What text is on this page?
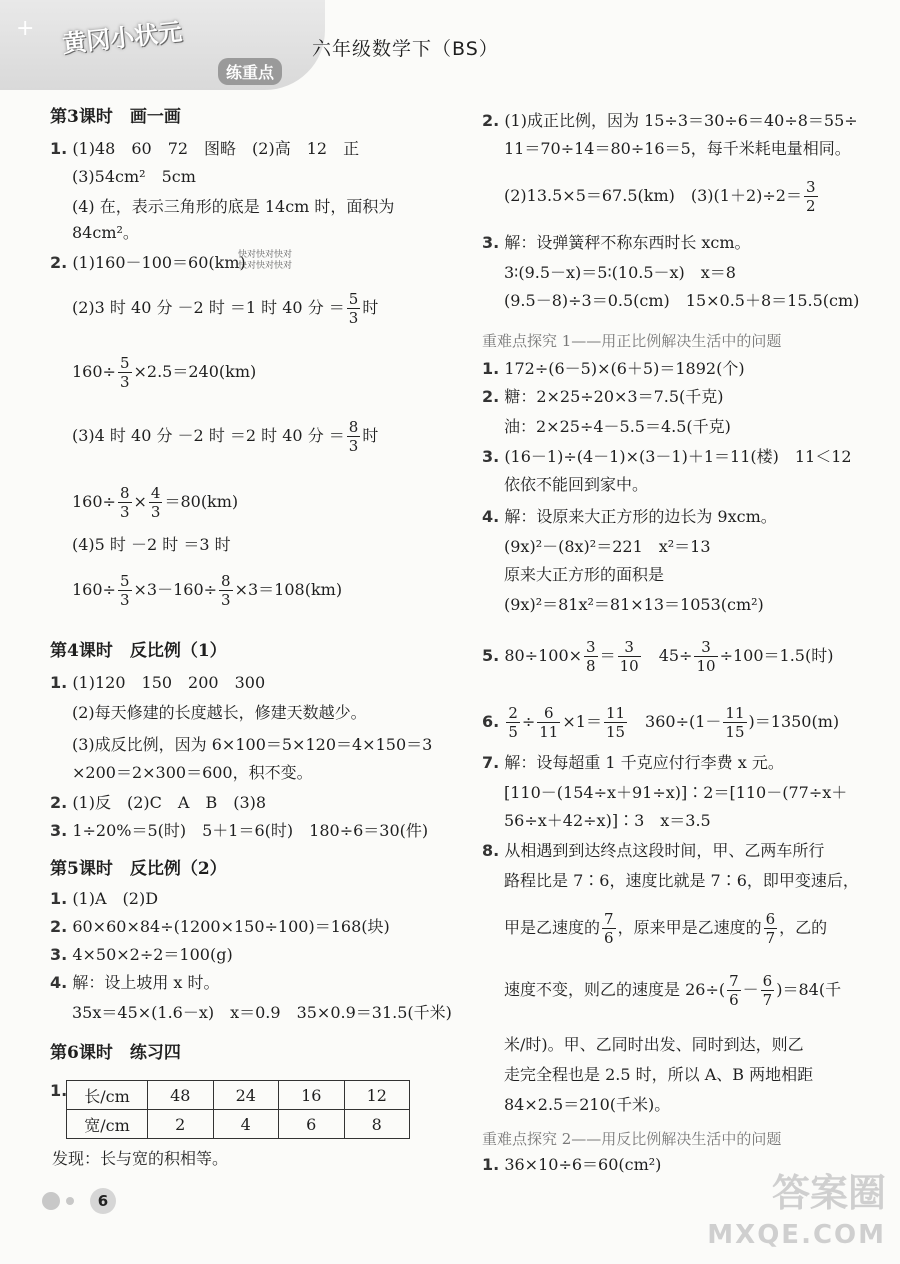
+ 黄冈小状元
练重点
六年级数学下（BS）
快对快对快对
快对快对快对
第3课时　画一画
1. (1)48　60　72　图略　(2)高　12　正
(3)54cm²　5cm
(4) 在，表示三角形的底是 14cm 时，面积为
84cm²。
2. (1)160－100＝60(km)
(2)3 时 40 分 －2 时 ＝1 时 40 分 ＝ $\frac{5}{3}$ 时
$160\div \frac{5}{3} \times 2.5=240(km)$
(3)4 时 40 分 －2 时 ＝2 时 40 分 ＝ $\frac{8}{3}$ 时
$160\div \frac{8}{3} \times \frac{4}{3} =80(km)$
(4)5 时 －2 时 ＝3 时
$160\div \frac{5}{3} \times 3-160\div \frac{8}{3} \times 3=108(km)$
第4课时　反比例（1）
1. (1)120　150　200　300
(2)每天修建的长度越长，修建天数越少。
(3)成反比例，因为 6×100＝5×120＝4×150＝3
×200＝2×300＝600，积不变。
2. (1)反　(2)C　A　B　(3)8
3. 1÷20%＝5(时)　5＋1＝6(时)　180÷6＝30(件)
第5课时　反比例（2）
1. (1)A　(2)D
2. 60×60×84÷(1200×150÷100)＝168(块)
3. 4×50×2÷2＝100(g)
4. 解：设上坡用 x 时。
35x＝45×(1.6－x)　x＝0.9　35×0.9＝31.5(千米)
第6课时　练习四
1. 长/cm	48	24	16	12
宽/cm	2	4	6	8
发现：长与宽的积相等。
2. (1)成正比例，因为 15÷3＝30÷6＝40÷8＝55÷
11＝70÷14＝80÷16＝5，每千米耗电量相同。
(2)13.5×5＝67.5(km)　$(3)(1+2)\div 2= \frac{3}{2}$
3. 解：设弹簧秤不称东西时长 xcm。
3∶(9.5－x)＝5∶(10.5－x)　x＝8
(9.5－8)÷3＝0.5(cm)　15×0.5＋8＝15.5(cm)
重难点探究 1——用正比例解决生活中的问题
1. 172÷(6－5)×(6＋5)＝1892(个)
2. 糖：2×25÷20×3＝7.5(千克)
油：2×25÷4－5.5＝4.5(千克)
3. (16－1)÷(4－1)×(3－1)＋1＝11(楼)　11＜12
依依不能回到家中。
4. 解：设原来大正方形的边长为 9xcm。
(9x)²－(8x)²＝221　x²＝13
原来大正方形的面积是
(9x)²＝81x²＝81×13＝1053(cm²)
5. $80\div 100\times \frac{3}{8} = \frac{3}{10}$ 　$45\div \frac{3}{10} \div 100=1.5$(时)
6. $\frac{2}{5} \div \frac{6}{11} \times 1= \frac{11}{15}$ 　$360\div(1- \frac{11}{15} )=1350(m)$
7. 解：设每超重 1 千克应付行李费 x 元。
[110－(154÷x＋91÷x)]∶2＝[110－(77÷x＋
56÷x＋42÷x)]∶3　x＝3.5
8. 从相遇到到达终点这段时间，甲、乙两车所行
路程比是 7∶6，速度比就是 7∶6，即甲变速后，
甲是乙速度的 $\frac{7}{6}$ ，原来甲是乙速度的 $\frac{6}{7}$ ，乙的
速度不变，则乙的速度是 $26\div( \frac{7}{6} - \frac{6}{7} )=84$(千
米/时)。甲、乙同时出发、同时到达，则乙
走完全程也是 2.5 时，所以 A、B 两地相距
84×2.5＝210(千米)。
重难点探究 2——用反比例解决生活中的问题
1. 36×10÷6＝60(cm²)
6	答案圈
MXQE.COM
